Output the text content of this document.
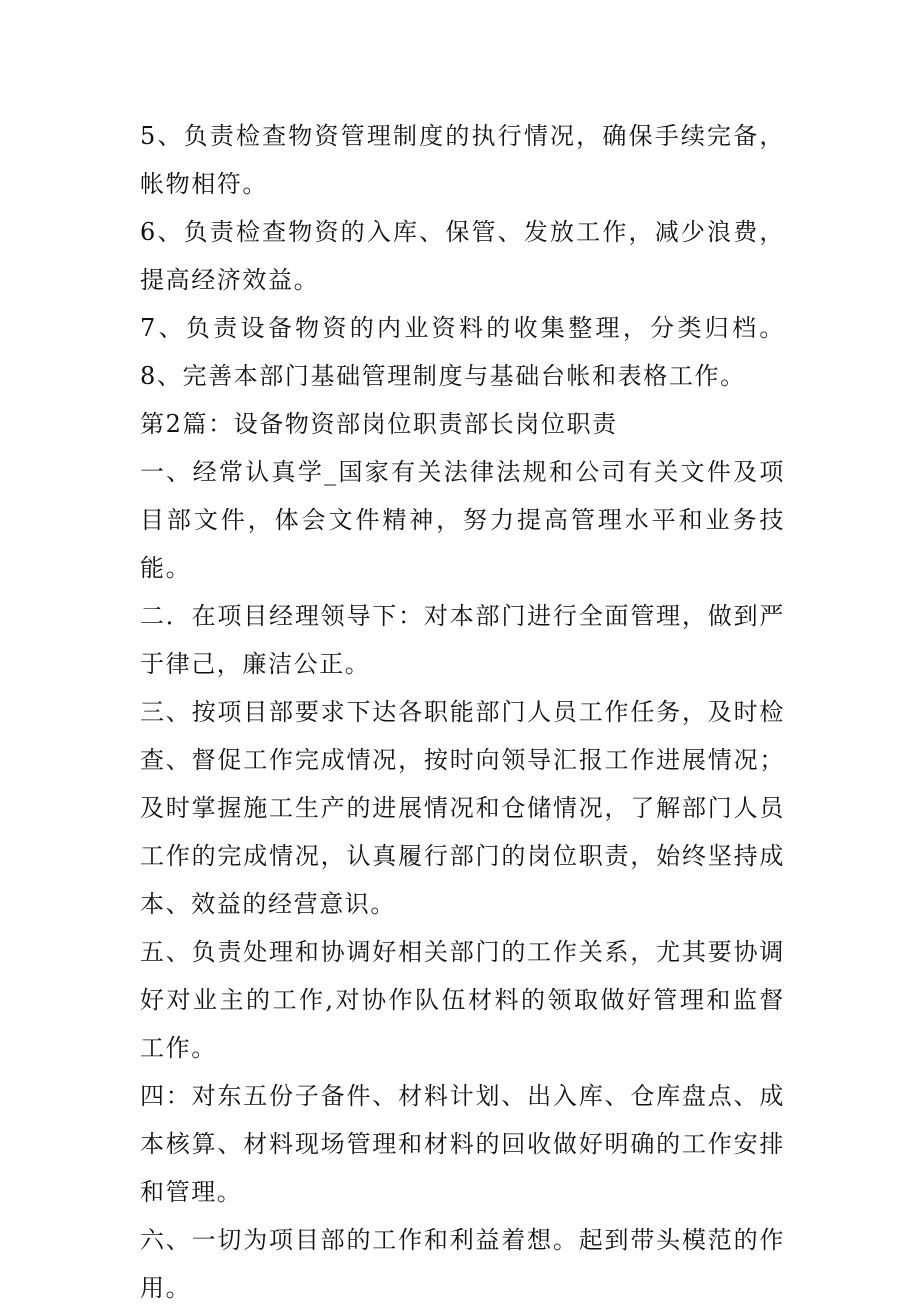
5、负责检查物资管理制度的执行情况，确保手续完备，帐物相符。

6、负责检查物资的入库、保管、发放工作，减少浪费，提高经济效益。

7、负责设备物资的内业资料的收集整理，分类归档。 8、完善本部门基础管理制度与基础台帐和表格工作。

第2篇：设备物资部岗位职责部长岗位职责

一、经常认真学_国家有关法律法规和公司有关文件及项目部文件，体会文件精神，努力提高管理水平和业务技能。

二．在项目经理领导下：对本部门进行全面管理，做到严于律己，廉洁公正。

三、按项目部要求下达各职能部门人员工作任务，及时检查、督促工作完成情况，按时向领导汇报工作进展情况；及时掌握施工生产的进展情况和仓储情况，了解部门人员工作的完成情况，认真履行部门的岗位职责，始终坚持成本、效益的经营意识。

五、负责处理和协调好相关部门的工作关系，尤其要协调好对业主的工作,对协作队伍材料的领取做好管理和监督工作。

四：对东五份子备件、材料计划、出入库、仓库盘点、成本核算、材料现场管理和材料的回收做好明确的工作安排和管理。

六、一切为项目部的工作和利益着想。起到带头模范的作用。
